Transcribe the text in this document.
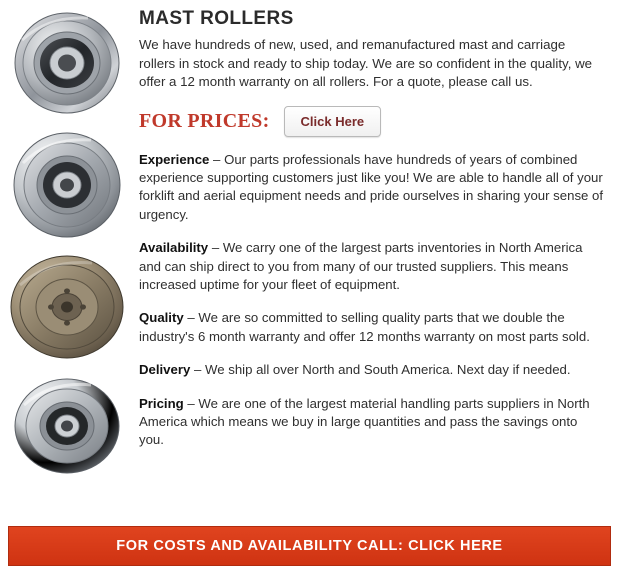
MAST ROLLERS

We have hundreds of new, used, and remanufactured mast and carriage rollers in stock and ready to ship today. We are so confident in the quality, we offer a 12 month warranty on all rollers. For a quote, please call us.

FOR PRICES:	Click Here

Experience – Our parts professionals have hundreds of years of combined experience supporting customers just like you! We are able to handle all of your forklift and aerial equipment needs and pride ourselves in sharing your sense of urgency.

Availability – We carry one of the largest parts inventories in North America and can ship direct to you from many of our trusted suppliers. This means increased uptime for your fleet of equipment.

Quality – We are so committed to selling quality parts that we double the industry's 6 month warranty and offer 12 months warranty on most parts sold.

Delivery – We ship all over North and South America. Next day if needed.

Pricing – We are one of the largest material handling parts suppliers in North America which means we buy in large quantities and pass the savings onto you.

FOR COSTS AND AVAILABILITY CALL: CLICK HERE
